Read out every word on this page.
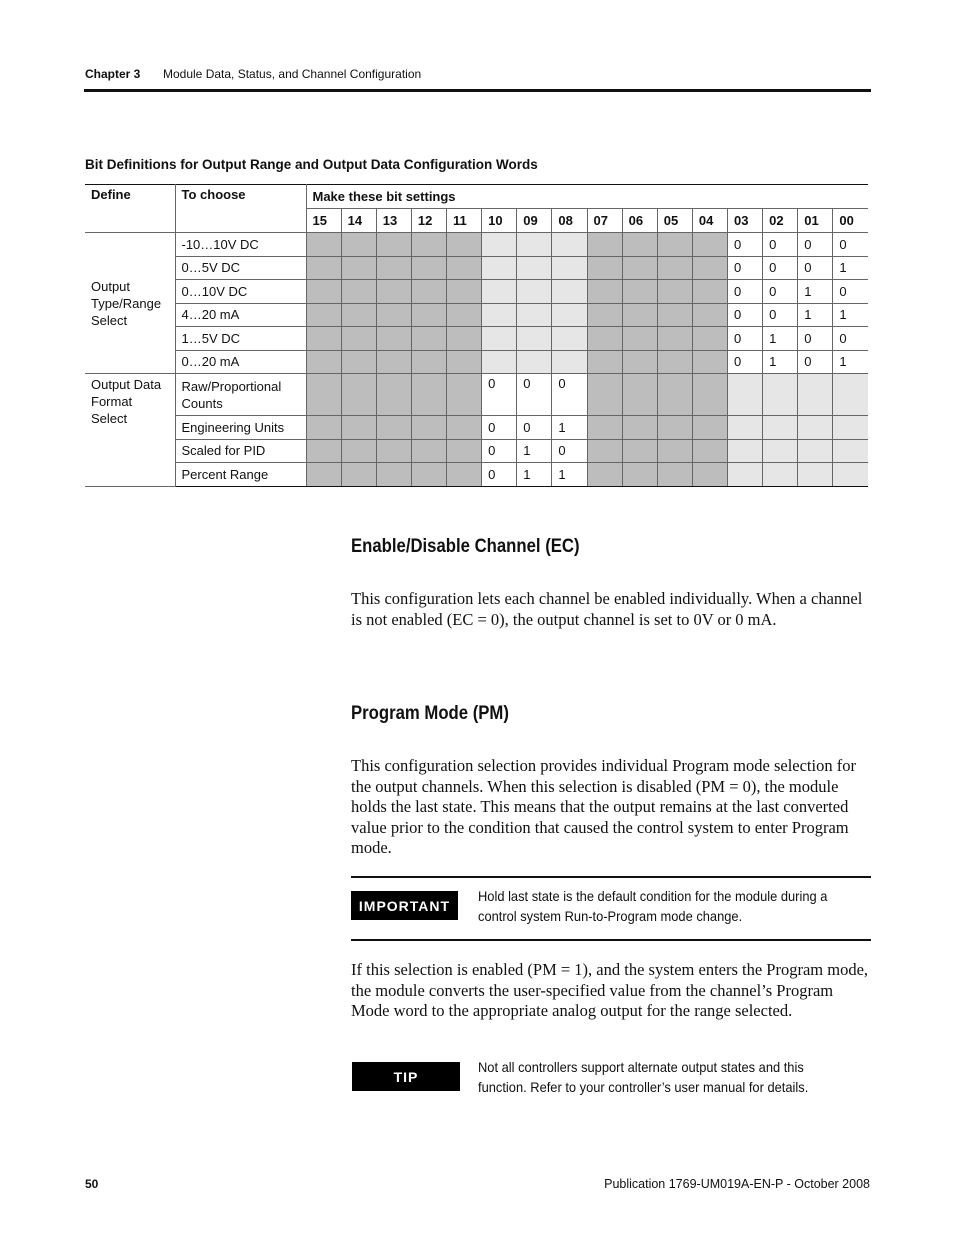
Chapter 3 Module Data, Status, and Channel Configuration
Bit Definitions for Output Range and Output Data Configuration Words
Define	To choose	Make these bit settings															
		15	14	13	12	11	10	09	08	07	06	05	04	03	02	01	00
Output Type/Range Select	-10…10V DC													0	0	0	0
	0…5V DC													0	0	0	1
	0…10V DC													0	0	1	0
	4…20 mA													0	0	1	1
	1…5V DC													0	1	0	0
	0…20 mA													0	1	0	1
Output Data Format Select	Raw/Proportional Counts						0	0	0								
	Engineering Units						0	0	1								
	Scaled for PID						0	1	0								
	Percent Range						0	1	1								
Enable/Disable Channel (EC)

This configuration lets each channel be enabled individually. When a channel is not enabled (EC = 0), the output channel is set to 0V or 0 mA.

Program Mode (PM)

This configuration selection provides individual Program mode selection for the output channels. When this selection is disabled (PM = 0), the module holds the last state. This means that the output remains at the last converted value prior to the condition that caused the control system to enter Program mode.

IMPORTANT
Hold last state is the default condition for the module during a control system Run-to-Program mode change.

If this selection is enabled (PM = 1), and the system enters the Program mode, the module converts the user-specified value from the channel’s Program Mode word to the appropriate analog output for the range selected.

TIP
Not all controllers support alternate output states and this function. Refer to your controller’s user manual for details.
50	Publication 1769-UM019A-EN-P - October 2008
